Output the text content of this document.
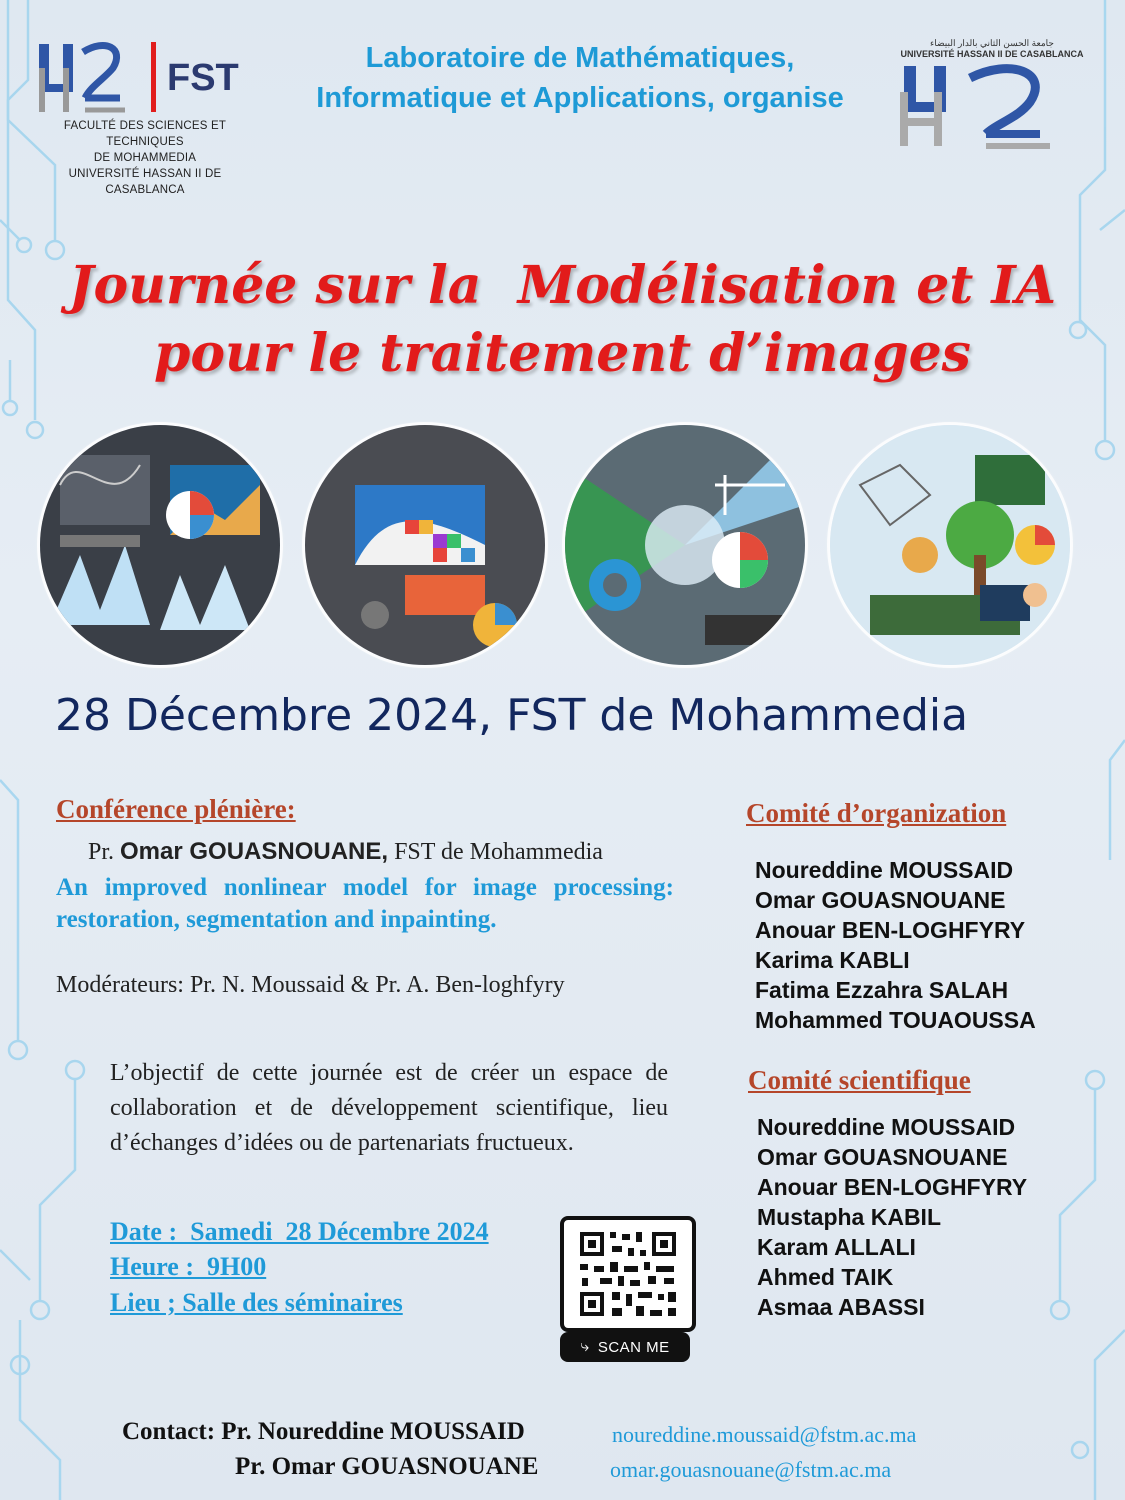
FST
FACULTÉ DES SCIENCES ET TECHNIQUES
DE MOHAMMEDIA
UNIVERSITÉ HASSAN II DE CASABLANCA
Laboratoire de Mathématiques,
Informatique et Applications, organise
جامعة الحسن الثاني بالدار البيضاء
UNIVERSITÉ HASSAN II DE CASABLANCA
Journée sur la  Modélisation et IA
pour le traitement d’images
28 Décembre 2024, FST de Mohammedia
Conférence plénière:
Pr. Omar GOUASNOUANE, FST de Mohammedia
An improved nonlinear model for image processing: restoration, segmentation and inpainting.
Modérateurs: Pr. N. Moussaid & Pr. A. Ben-loghfyry
L’objectif de cette journée est de créer un espace de collaboration et de développement scientifique, lieu d’échanges d’idées ou de partenariats fructueux.
Date :  Samedi  28 Décembre 2024
Heure :  9H00
Lieu ; Salle des séminaires
⤷ SCAN ME
Comité d’organization
Noureddine MOUSSAID
Omar GOUASNOUANE
Anouar BEN-LOGHFYRY
Karima KABLI
Fatima Ezzahra SALAH
Mohammed TOUAOUSSA
Comité scientifique
Noureddine MOUSSAID
Omar GOUASNOUANE
Anouar BEN-LOGHFYRY
Mustapha KABIL
Karam ALLALI
Ahmed TAIK
Asmaa ABASSI
Contact: Pr. Noureddine MOUSSAID	noureddine.moussaid@fstm.ac.ma
Pr. Omar GOUASNOUANE	omar.gouasnouane@fstm.ac.ma
